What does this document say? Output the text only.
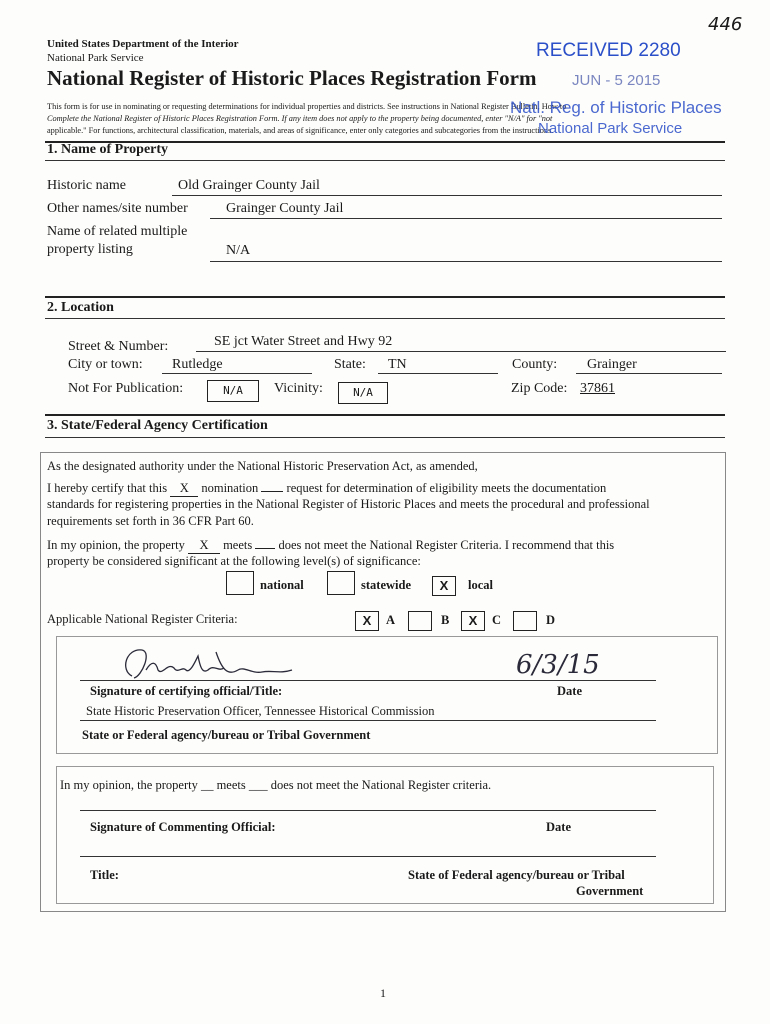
446
United States Department of the Interior
National Park Service
National Register of Historic Places Registration Form
RECEIVED 2280
JUN - 5 2015
This form is for use in nominating or requesting determinations for individual properties and districts. See instructions in National Register Bulletin, How to
Complete the National Register of Historic Places Registration Form. If any item does not apply to the property being documented, enter "N/A" for "not
applicable." For functions, architectural classification, materials, and areas of significance, enter only categories and subcategories from the instructions.
Natl. Reg. of Historic Places
National Park Service
1. Name of Property
Historic name	Old Grainger County Jail
Other names/site number	Grainger County Jail
Name of related multiple
property listing	N/A
2. Location
Street & Number:	SE jct Water Street and Hwy 92
City or town: Rutledge	State: TN	County: Grainger
Not For Publication:	N/A	Vicinity:	N/A	Zip Code: 37861
3. State/Federal Agency Certification
As the designated authority under the National Historic Preservation Act, as amended,
I hereby certify that this X nomination request for determination of eligibility meets the documentation
standards for registering properties in the National Register of Historic Places and meets the procedural and professional
requirements set forth in 36 CFR Part 60.
In my opinion, the property X meets does not meet the National Register Criteria. I recommend that this
property be considered significant at the following level(s) of significance:
national	statewide	X	local
Applicable National Register Criteria:	X	A	B	X	C	D
6/3/15
Signature of certifying official/Title:	Date
State Historic Preservation Officer, Tennessee Historical Commission
State or Federal agency/bureau or Tribal Government
In my opinion, the property __ meets ___ does not meet the National Register criteria.
Signature of Commenting Official:	Date
Title:	State of Federal agency/bureau or Tribal
Government
1
